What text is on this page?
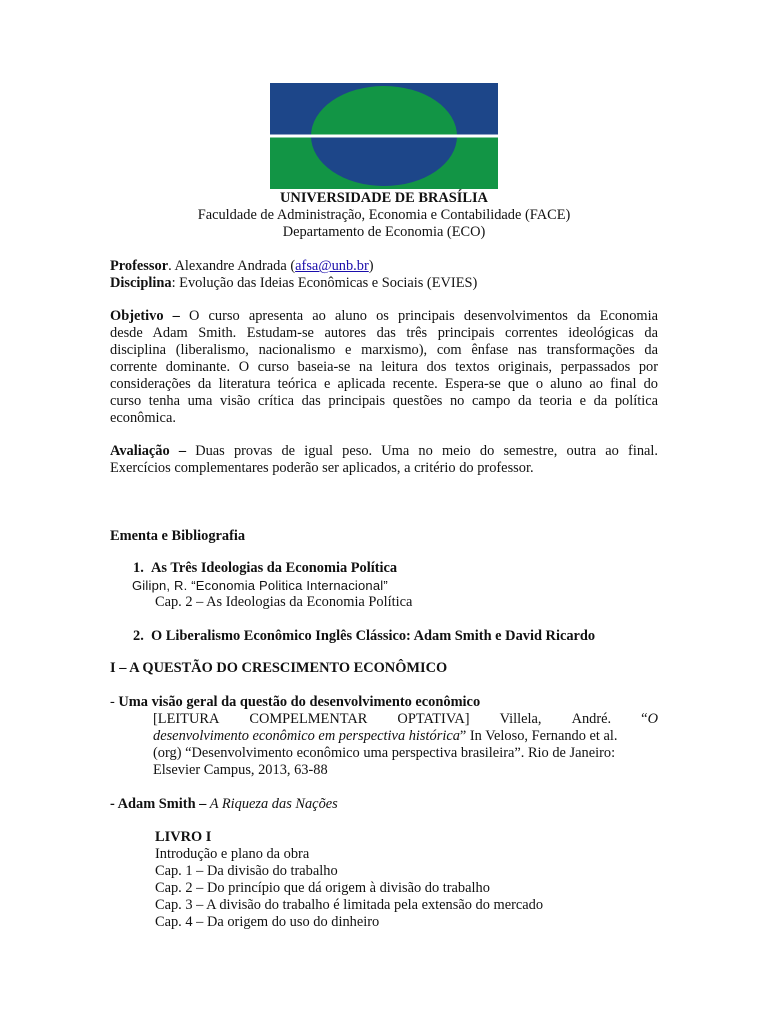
UNIVERSIDADE DE BRASÍLIA
Faculdade de Administração, Economia e Contabilidade (FACE)
Departamento de Economia (ECO)
Professor. Alexandre Andrada (afsa@unb.br)
Disciplina: Evolução das Ideias Econômicas e Sociais (EVIES)
Objetivo – O curso apresenta ao aluno os principais desenvolvimentos da Economia
desde Adam Smith. Estudam-se autores das três principais correntes ideológicas da
disciplina (liberalismo, nacionalismo e marxismo), com ênfase nas transformações da
corrente dominante. O curso baseia-se na leitura dos textos originais, perpassados por
considerações da literatura teórica e aplicada recente. Espera-se que o aluno ao final do
curso tenha uma visão crítica das principais questões no campo da teoria e da política
econômica.
Avaliação – Duas provas de igual peso. Uma no meio do semestre, outra ao final.
Exercícios complementares poderão ser aplicados, a critério do professor.
Ementa e Bibliografia
1. As Três Ideologias da Economia Política
Gilipn, R. “Economia Politica Internacional”
Cap. 2 – As Ideologias da Economia Política
2. O Liberalismo Econômico Inglês Clássico: Adam Smith e David Ricardo
I – A QUESTÃO DO CRESCIMENTO ECONÔMICO
- Uma visão geral da questão do desenvolvimento econômico
[LEITURA COMPELMENTAR OPTATIVA] Villela, André. “O
desenvolvimento econômico em perspectiva histórica” In Veloso, Fernando et al.
(org) “Desenvolvimento econômico uma perspectiva brasileira”. Rio de Janeiro:
Elsevier Campus, 2013, 63-88
- Adam Smith – A Riqueza das Nações
LIVRO I
Introdução e plano da obra
Cap. 1 – Da divisão do trabalho
Cap. 2 – Do princípio que dá origem à divisão do trabalho
Cap. 3 – A divisão do trabalho é limitada pela extensão do mercado
Cap. 4 – Da origem do uso do dinheiro
